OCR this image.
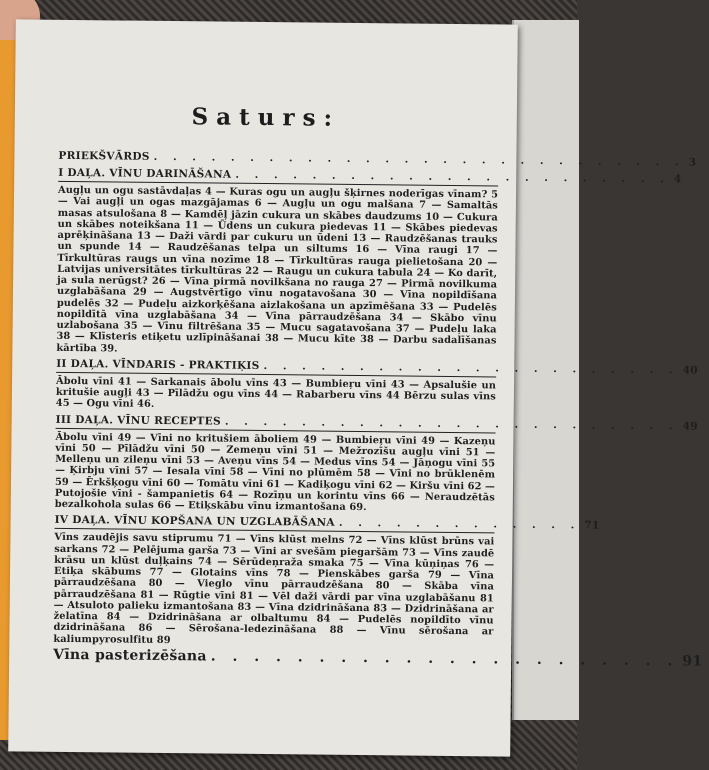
Saturs:
PRIEKŠVĀRDS . . . . . . . . . . . . . . . . . . . . . . . . . . . . 3
I DAĻA. VĪNU DARINĀŠANA . . . . . . . . . . . . . . . . . . . . . . . 4
Augļu un ogu sastāvdaļas 4 — Kuras ogu un augļu šķirnes noderīgas vīnam? 5 — Vai augļi un ogas mazgājamas 6 — Augļu un ogu malšana 7 — Samaltās masas atsulošana 8 — Kamdēļ jāzin cukura un skābes daudzums 10 — Cukura un skābes noteikšana 11 — Ūdens un cukura piedevas 11 — Skābes piedevas aprēķināšana 13 — Daži vārdi par cukuru un ūdeni 13 — Raudzēšanas trauks un spunde 14 — Raudzēšanas telpa un siltums 16 — Vīna raugi 17 — Tīrkultūras raugs un vīna nozīme 18 — Tīrkultūras rauga pielietošana 20 — Latvijas universitātes tīrkultūras 22 — Raugu un cukura tabula 24 — Ko darīt, ja sula nerūgst? 26 — Vīna pirmā novilkšana no rauga 27 — Pirmā novilkuma uzglabāšana 29 — Augstvērtīgo vīnu nogatavošana 30 — Vīna nopildīšana pudelēs 32 — Pudeļu aizkorķēšana aizlakošana un apzīmēšana 33 — Pudelēs nopildītā vīna uzglabāšana 34 — Vīna pārraudzēšana 34 — Skābo vīnu uzlabošana 35 — Vīnu filtrēšana 35 — Mucu sagatavošana 37 — Pudeļu laka 38 — Klīsteris etiķetu uzlīpināšanai 38 — Mucu kīte 38 — Darbu sadalīšanas kārtība 39.
II DAĻA. VĪNDARIS - PRAKTIĶIS . . . . . . . . . . . . . . . . . . . . . . 40
Ābolu vīni 41 — Sarkanais ābolu vīns 43 — Bumbieŗu vīni 43 — Apsalušie un kritušie augļi 43 — Pīlādžu ogu vīns 44 — Rabarberu vīns 44 Bērzu sulas vīns 45 — Ogu vīni 46.
III DAĻA. VĪNU RECEPTES . . . . . . . . . . . . . . . . . . . . . . . . 49
Ābolu vīni 49 — Vīni no kritušiem āboliem 49 — Bumbieŗu vīni 49 — Kazeņu vīni 50 — Pīlādžu vīni 50 — Zemeņu vīni 51 — Mežrozīšu augļu vīni 51 — Melleņu un zileņu vīni 53 — Aveņu vīns 54 — Medus vīns 54 — Jāņogu vīni 55 — Ķirbju vīni 57 — Iesala vīni 58 — Vīni no plūmēm 58 — Vīni no brūklenēm 59 — Ērkšķogu vīni 60 — Tomātu vīni 61 — Kadiķogu vīni 62 — Kiršu vīni 62 — Putojošie vīni - šampanietis 64 — Rozīņu un korintu vīns 66 — Neraudzētās bezalkohola sulas 66 — Etiķskābu vīnu izmantošana 69.
IV DAĻA. VĪNU KOPŠANA UN UZGLABĀŠANA . . . . . . . . . . . . . 71
Vīns zaudējis savu stiprumu 71 — Vīns klūst melns 72 — Vīns klūst brūns vai sarkans 72 — Pelējuma garša 73 — Vīni ar svešām piegaršām 73 — Vīns zaudē krāsu un klūst duļķains 74 — Sērūdeņraža smaka 75 — Vīna kūņiņas 76 — Etiķa skābums 77 — Glotains vīns 78 — Pienskābes garša 79 — Vīna pārraudzēšana 80 — Vieglo vīnu pārraudzēšana 80 — Skāba vīna pārraudzēšana 81 — Rūgtie vīni 81 — Vēl daži vārdi par vīna uzglabāšanu 81 — Atsuloto palieku izmantošana 83 — Vīna dzidrināšana 83 — Dzidrināšana ar želatīna 84 — Dzidrināšana ar olbaltumu 84 — Pudelēs nopildīto vīnu dzidrināšana 86 — Sērošana-ledezināšana 88 — Vīnu sērošana ar kaliumpyrosulfitu 89
Vīna pasterizēšana . . . . . . . . . . . . . . . . . . . . . . 91
